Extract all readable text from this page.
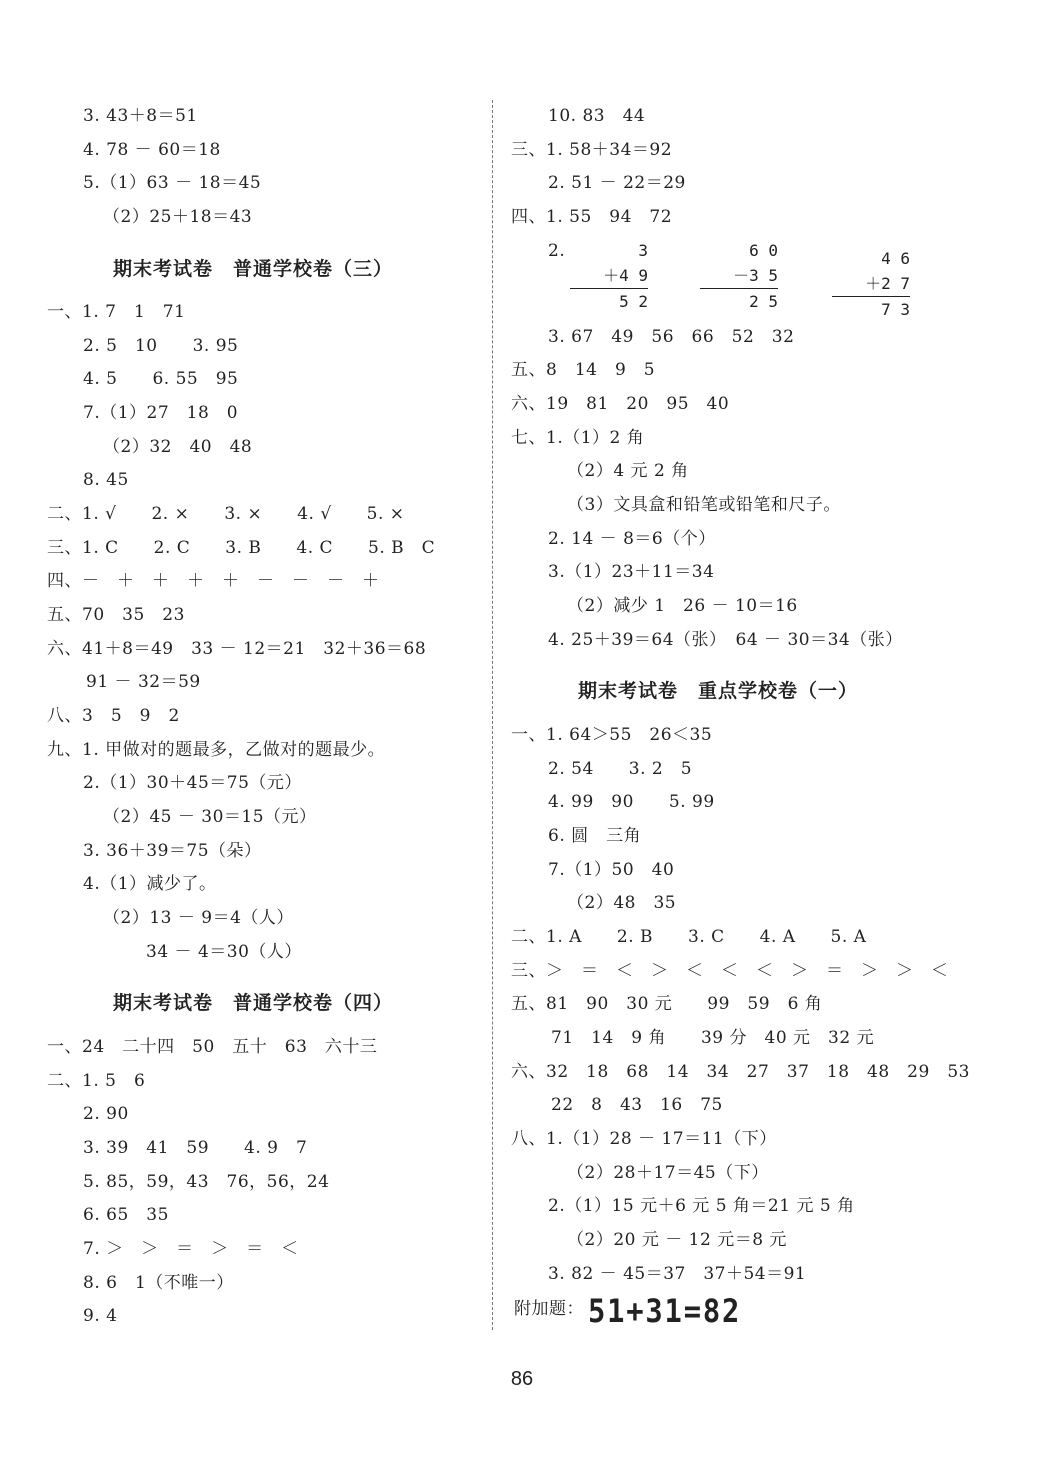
3. 43＋8＝51
4. 78 － 60＝18
5.（1）63 － 18＝45
（2）25＋18＝43
期末考试卷　普通学校卷（三）
一、1. 7　1　71
2. 5　10　　3. 95
4. 5　　6. 55　95
7.（1）27　18　0
（2）32　40　48
8. 45
二、1. √　　2. ×　　3. ×　　4. √　　5. ×
三、1. C　　2. C　　3. B　　4. C　　5. B　C
四、－　＋　＋　＋　＋　－　－　－　＋
五、70　35　23
六、41＋8＝49　33 － 12＝21　32＋36＝68
91 － 32＝59
八、3　5　9　2
九、1. 甲做对的题最多，乙做对的题最少。
2.（1）30＋45＝75（元）
（2）45 － 30＝15（元）
3. 36＋39＝75（朵）
4.（1）减少了。
（2）13 － 9＝4（人）
34 － 4＝30（人）
期末考试卷　普通学校卷（四）
一、24　二十四　50　五十　63　六十三
二、1. 5　6
2. 90
3. 39　41　59　　4. 9　7
5. 85，59，43　76，56，24
6. 65　35
7. ＞　＞　＝　＞　＝　＜
8. 6　1（不唯一）
9. 4
10. 83　44
三、1. 58＋34＝92
2. 51 － 22＝29
四、1. 55　94　72
2.
3. 67　49　56　66　52　32
五、8　14　9　5
六、19　81　20　95　40
七、1.（1）2 角
（2）4 元 2 角
（3）文具盒和铅笔或铅笔和尺子。
2. 14 － 8＝6（个）
3.（1）23＋11＝34
（2）减少 1　26 － 10＝16
4. 25＋39＝64（张）　64 － 30＝34（张）
期末考试卷　重点学校卷（一）
一、1. 64＞55　26＜35
2. 54　　3. 2　5
4. 99　90　　5. 99
6. 圆　三角
7.（1）50　40
（2）48　35
二、1. A　　2. B　　3. C　　4. A　　5. A
三、＞　＝　＜　＞　＜　＜　＜　＞　＝　＞　＞　＜
五、81　90　30 元　　99　59　6 角
71　14　9 角　　39 分　40 元　32 元
六、32　18　68　14　34　27　37　18　48　29　53
22　8　43　16　75
八、1.（1）28 － 17＝11（下）
（2）28＋17＝45（下）
2.（1）15 元＋6 元 5 角＝21 元 5 角
（2）20 元 － 12 元＝8 元
3. 82 － 45＝37　37＋54＝91
附加题： 51+31=82
86
3
＋4 9
5 2
6 0
－3 5
2 5
4 6
＋2 7
7 3
